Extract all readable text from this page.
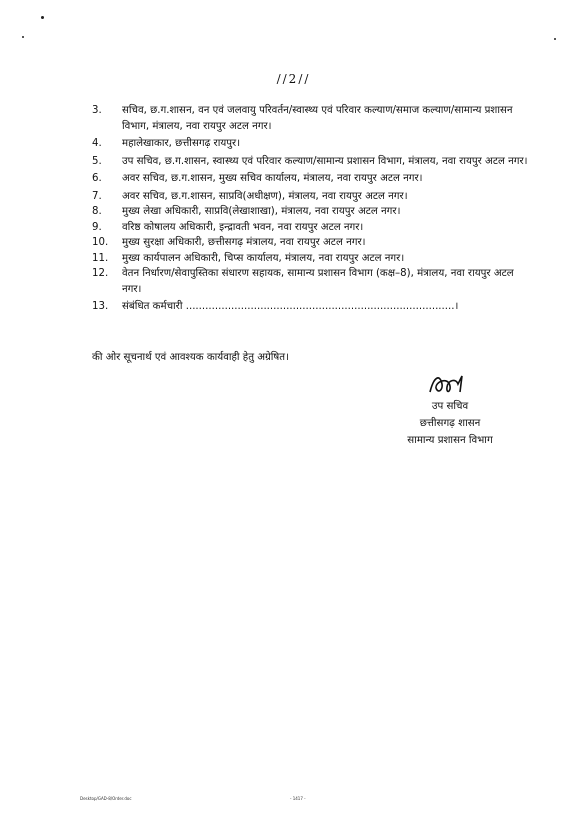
//2//
3.	सचिव, छ.ग.शासन, वन एवं जलवायु परिवर्तन/स्वास्थ्य एवं परिवार कल्याण/समाज कल्याण/सामान्य प्रशासन विभाग, मंत्रालय, नवा रायपुर अटल नगर।
4.	महालेखाकार, छत्तीसगढ़ रायपुर।
5.	उप सचिव, छ.ग.शासन, स्वास्थ्य एवं परिवार कल्याण/सामान्य प्रशासन विभाग, मंत्रालय, नवा रायपुर अटल नगर।
6.	अवर सचिव, छ.ग.शासन, मुख्य सचिव कार्यालय, मंत्रालय, नवा रायपुर अटल नगर।
7.	अवर सचिव, छ.ग.शासन, साप्रवि(अधीक्षण), मंत्रालय, नवा रायपुर अटल नगर।
8.	मुख्य लेखा अधिकारी, साप्रवि(लेखाशाखा), मंत्रालय, नवा रायपुर अटल नगर।
9.	वरिष्ठ कोषालय अधिकारी, इन्द्रावती भवन, नवा रायपुर अटल नगर।
10.	मुख्य सुरक्षा अधिकारी, छत्तीसगढ़ मंत्रालय, नवा रायपुर अटल नगर।
11.	मुख्य कार्यपालन अधिकारी, चिप्स कार्यालय, मंत्रालय, नवा रायपुर अटल नगर।
12.	वेतन निर्धारण/सेवापुस्तिका संधारण सहायक, सामान्य प्रशासन विभाग (कक्ष–8), मंत्रालय, नवा रायपुर अटल नगर।
13.	संबंधित कर्मचारी ...................................................................................।
की ओर सूचनार्थ एवं आवश्यक कार्यवाही हेतु अग्रेषित।
उप सचिव
छत्तीसगढ़ शासन
सामान्य प्रशासन विभाग
Desktop/GAD-8/Order.doc	- 1417 -
